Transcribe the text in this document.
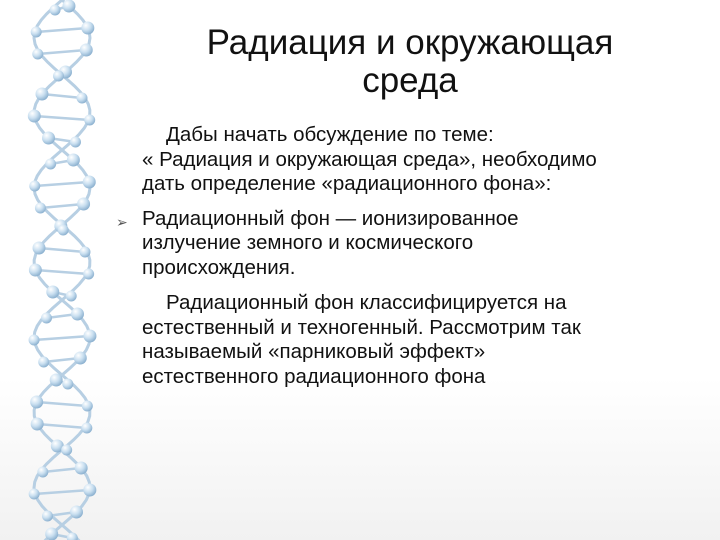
Радиация и окружающая
среда
Дабы начать обсуждение по теме:
« Радиация и окружающая среда», необходимо
дать определение «радиационного фона»:
➢ Радиационный фон — ионизированное
излучение земного и космического
происхождения.
Радиационный фон классифицируется на
естественный и техногенный. Рассмотрим так
называемый «парниковый эффект»
естественного радиационного фона
